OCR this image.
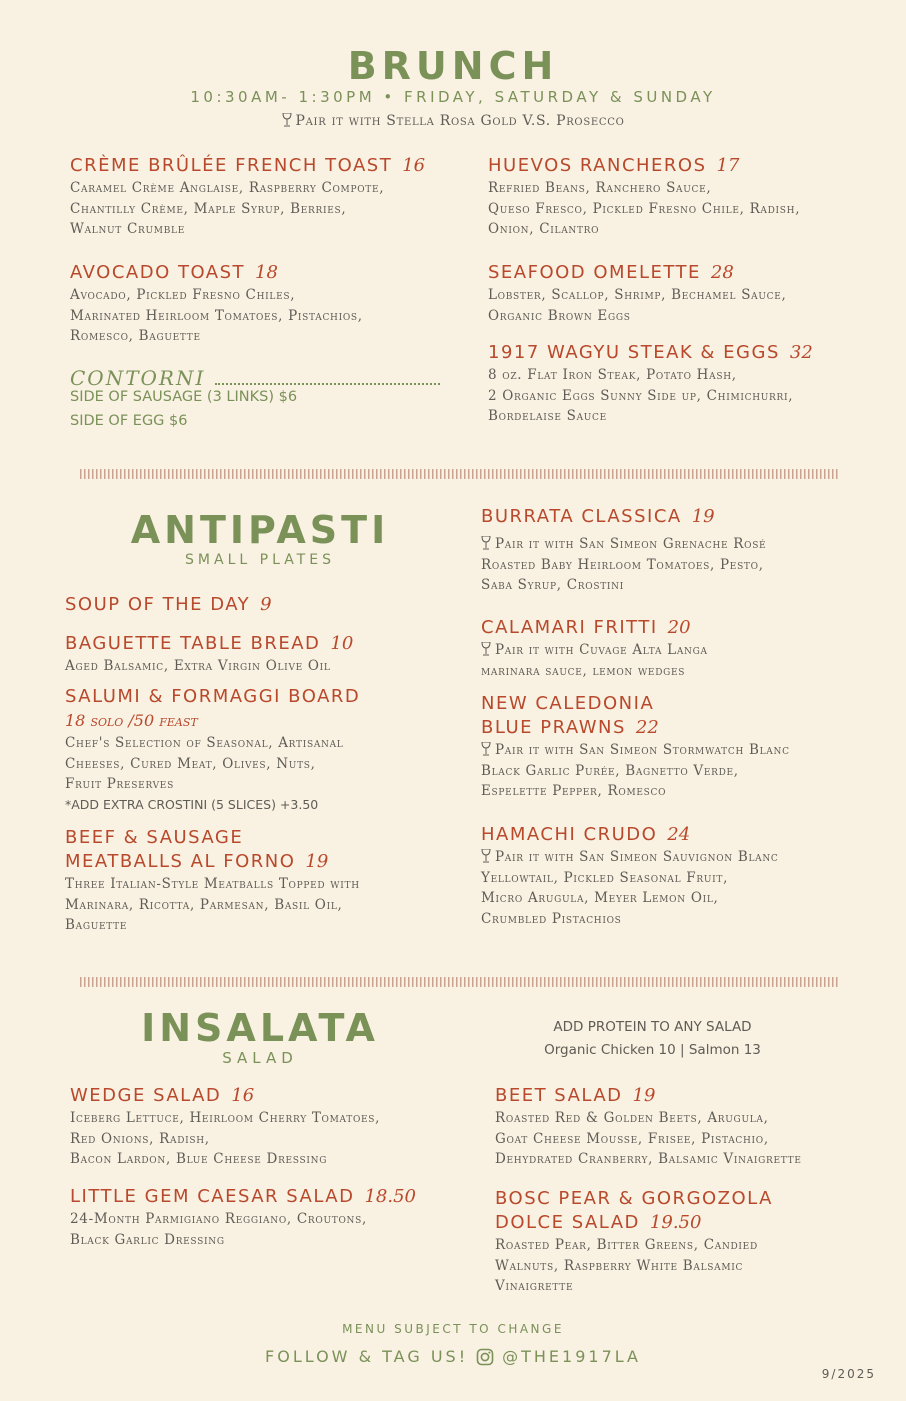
BRUNCH
10:30AM- 1:30PM • FRIDAY, SATURDAY & SUNDAY
Pair it with Stella Rosa Gold V.S. Prosecco
CRÈME BRÛLÉE FRENCH TOAST 16
Caramel Crème Anglaise, Raspberry Compote,
Chantilly Crème, Maple Syrup, Berries,
Walnut Crumble
AVOCADO TOAST 18
Avocado, Pickled Fresno Chiles,
Marinated Heirloom Tomatoes, Pistachios,
Romesco, Baguette
CONTORNI
SIDE OF SAUSAGE (3 LINKS) $6
SIDE OF EGG $6
HUEVOS RANCHEROS 17
Refried Beans, Ranchero Sauce,
Queso Fresco, Pickled Fresno Chile, Radish,
Onion, Cilantro
SEAFOOD OMELETTE 28
Lobster, Scallop, Shrimp, Bechamel Sauce,
Organic Brown Eggs
1917 WAGYU STEAK & EGGS 32
8 oz. Flat Iron Steak, Potato Hash,
2 Organic Eggs Sunny Side up, Chimichurri,
Bordelaise Sauce
ANTIPASTI
SMALL PLATES
SOUP OF THE DAY 9
BAGUETTE TABLE BREAD 10
Aged Balsamic, Extra Virgin Olive Oil
SALUMI & FORMAGGI BOARD
18 solo /50 feast
Chef's Selection of Seasonal, Artisanal
Cheeses, Cured Meat, Olives, Nuts,
Fruit Preserves
*ADD EXTRA CROSTINI (5 SLICES) +3.50
BEEF & SAUSAGE
MEATBALLS AL FORNO 19
Three Italian-Style Meatballs Topped with
Marinara, Ricotta, Parmesan, Basil Oil,
Baguette
BURRATA CLASSICA 19
Pair it with San Simeon Grenache Rosé
Roasted Baby Heirloom Tomatoes, Pesto,
Saba Syrup, Crostini
CALAMARI FRITTI 20
Pair it with Cuvage Alta Langa
marinara sauce, lemon wedges
NEW CALEDONIA
BLUE PRAWNS 22
Pair it with San Simeon Stormwatch Blanc
Black Garlic Purée, Bagnetto Verde,
Espelette Pepper, Romesco
HAMACHI CRUDO 24
Pair it with San Simeon Sauvignon Blanc
Yellowtail, Pickled Seasonal Fruit,
Micro Arugula, Meyer Lemon Oil,
Crumbled Pistachios
INSALATA
SALAD
ADD PROTEIN TO ANY SALAD
Organic Chicken 10 | Salmon 13
WEDGE SALAD 16
Iceberg Lettuce, Heirloom Cherry Tomatoes,
Red Onions, Radish,
Bacon Lardon, Blue Cheese Dressing
LITTLE GEM CAESAR SALAD 18.50
24-Month Parmigiano Reggiano, Croutons,
Black Garlic Dressing
BEET SALAD 19
Roasted Red & Golden Beets, Arugula,
Goat Cheese Mousse, Frisee, Pistachio,
Dehydrated Cranberry, Balsamic Vinaigrette
BOSC PEAR & GORGOZOLA
DOLCE SALAD 19.50
Roasted Pear, Bitter Greens, Candied
Walnuts, Raspberry White Balsamic
Vinaigrette
MENU SUBJECT TO CHANGE
FOLLOW & TAG US! @THE1917LA
9/2025
